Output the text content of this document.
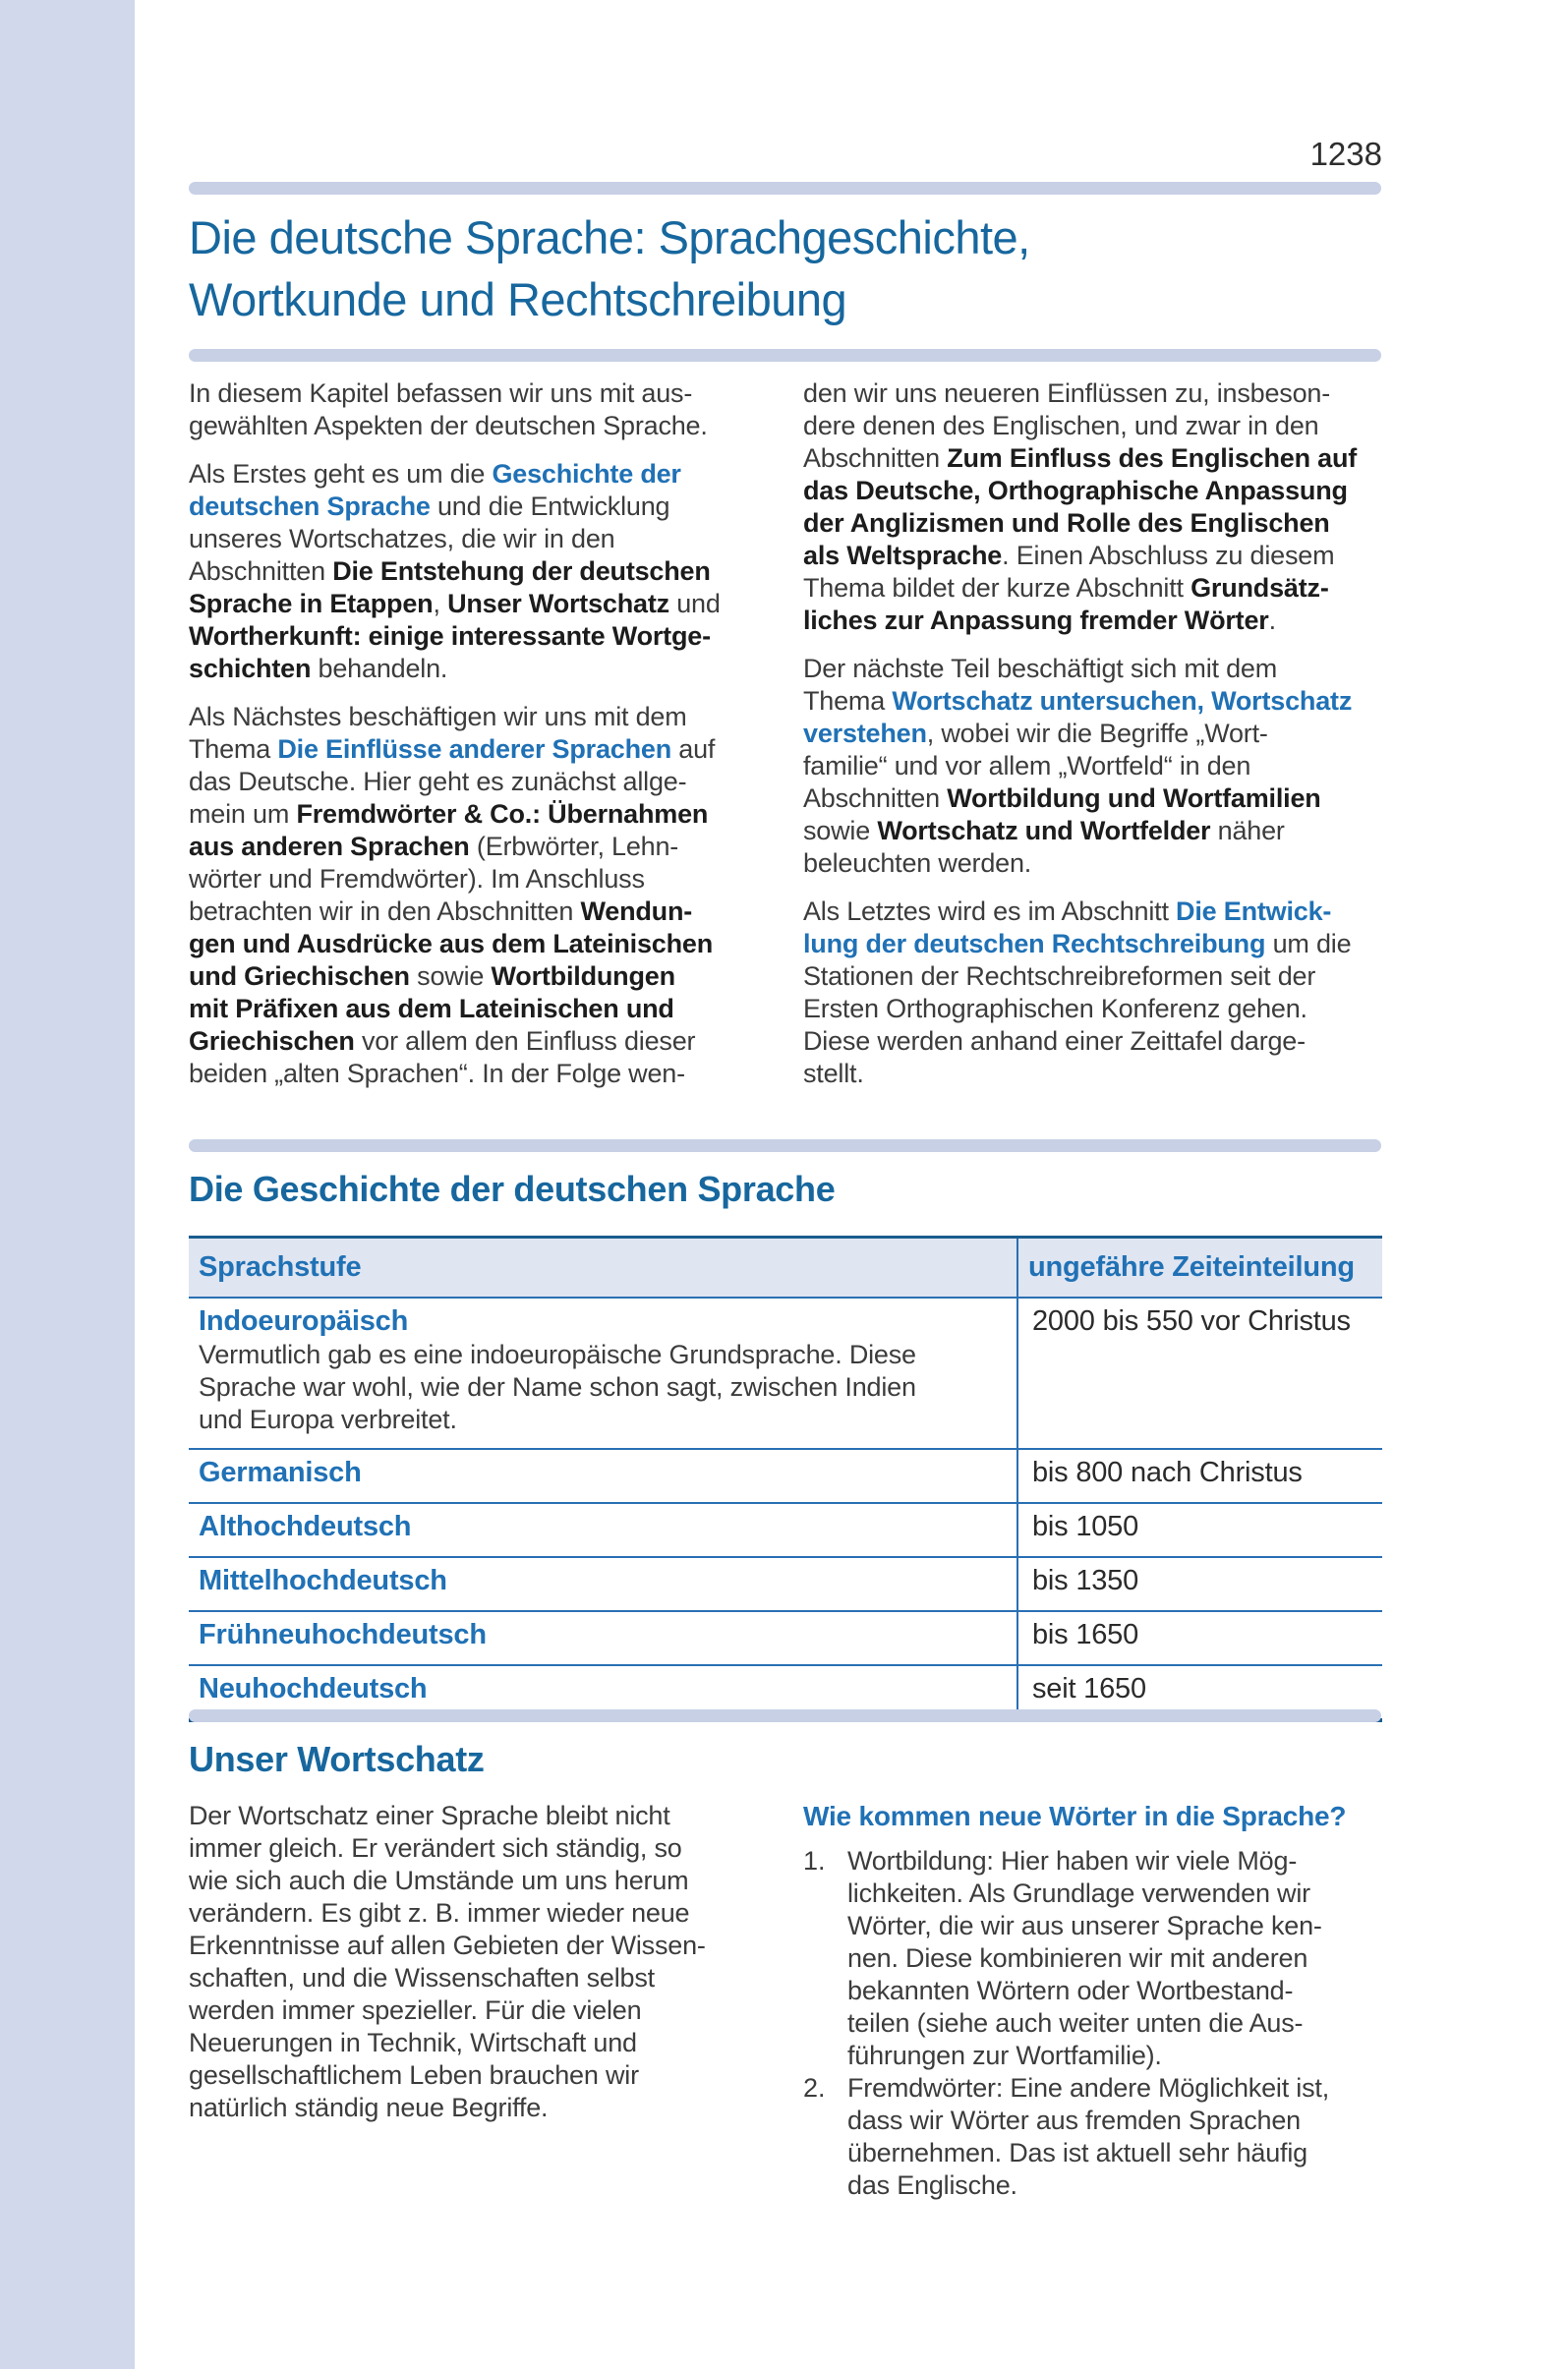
1238
Die deutsche Sprache: Sprachgeschichte,
Wortkunde und Rechtschreibung
In diesem Kapitel befassen wir uns mit aus-
gewählten Aspekten der deutschen Sprache.
Als Erstes geht es um die Geschichte der
deutschen Sprache und die Entwicklung
unseres Wortschatzes, die wir in den
Abschnitten Die Entstehung der deutschen
Sprache in Etappen, Unser Wortschatz und
Wortherkunft: einige interessante Wortge-
schichten behandeln.
Als Nächstes beschäftigen wir uns mit dem
Thema Die Einflüsse anderer Sprachen auf
das Deutsche. Hier geht es zunächst allge-
mein um Fremdwörter & Co.: Übernahmen
aus anderen Sprachen (Erbwörter, Lehn-
wörter und Fremdwörter). Im Anschluss
betrachten wir in den Abschnitten Wendun-
gen und Ausdrücke aus dem Lateinischen
und Griechischen sowie Wortbildungen
mit Präfixen aus dem Lateinischen und
Griechischen vor allem den Einfluss dieser
beiden „alten Sprachen“. In der Folge wen-
den wir uns neueren Einflüssen zu, insbeson-
dere denen des Englischen, und zwar in den
Abschnitten Zum Einfluss des Englischen auf
das Deutsche, Orthographische Anpassung
der Anglizismen und Rolle des Englischen
als Weltsprache. Einen Abschluss zu diesem
Thema bildet der kurze Abschnitt Grundsätz-
liches zur Anpassung fremder Wörter.
Der nächste Teil beschäftigt sich mit dem
Thema Wortschatz untersuchen, Wortschatz
verstehen, wobei wir die Begriffe „Wort-
familie“ und vor allem „Wortfeld“ in den
Abschnitten Wortbildung und Wortfamilien
sowie Wortschatz und Wortfelder näher
beleuchten werden.
Als Letztes wird es im Abschnitt Die Entwick-
lung der deutschen Rechtschreibung um die
Stationen der Rechtschreibreformen seit der
Ersten Orthographischen Konferenz gehen.
Diese werden anhand einer Zeittafel darge-
stellt.
Die Geschichte der deutschen Sprache
Sprachstufe	ungefähre Zeiteinteilung

Indoeuropäisch
Vermutlich gab es eine indoeuropäische Grundsprache. Diese
Sprache war wohl, wie der Name schon sagt, zwischen Indien
und Europa verbreitet.	2000 bis 550 vor Christus

Germanisch	bis 800 nach Christus

Althochdeutsch	bis 1050

Mittelhochdeutsch	bis 1350

Frühneuhochdeutsch	bis 1650

Neuhochdeutsch	seit 1650
Unser Wortschatz
Der Wortschatz einer Sprache bleibt nicht
immer gleich. Er verändert sich ständig, so
wie sich auch die Umstände um uns herum
verändern. Es gibt z. B. immer wieder neue
Erkenntnisse auf allen Gebieten der Wissen-
schaften, und die Wissenschaften selbst
werden immer spezieller. Für die vielen
Neuerungen in Technik, Wirtschaft und
gesellschaftlichem Leben brauchen wir
natürlich ständig neue Begriffe.
Wie kommen neue Wörter in die Sprache?
1. Wortbildung: Hier haben wir viele Mög-
lichkeiten. Als Grundlage verwenden wir
Wörter, die wir aus unserer Sprache ken-
nen. Diese kombinieren wir mit anderen
bekannten Wörtern oder Wortbestand-
teilen (siehe auch weiter unten die Aus-
führungen zur Wortfamilie).
2. Fremdwörter: Eine andere Möglichkeit ist,
dass wir Wörter aus fremden Sprachen
übernehmen. Das ist aktuell sehr häufig
das Englische.
